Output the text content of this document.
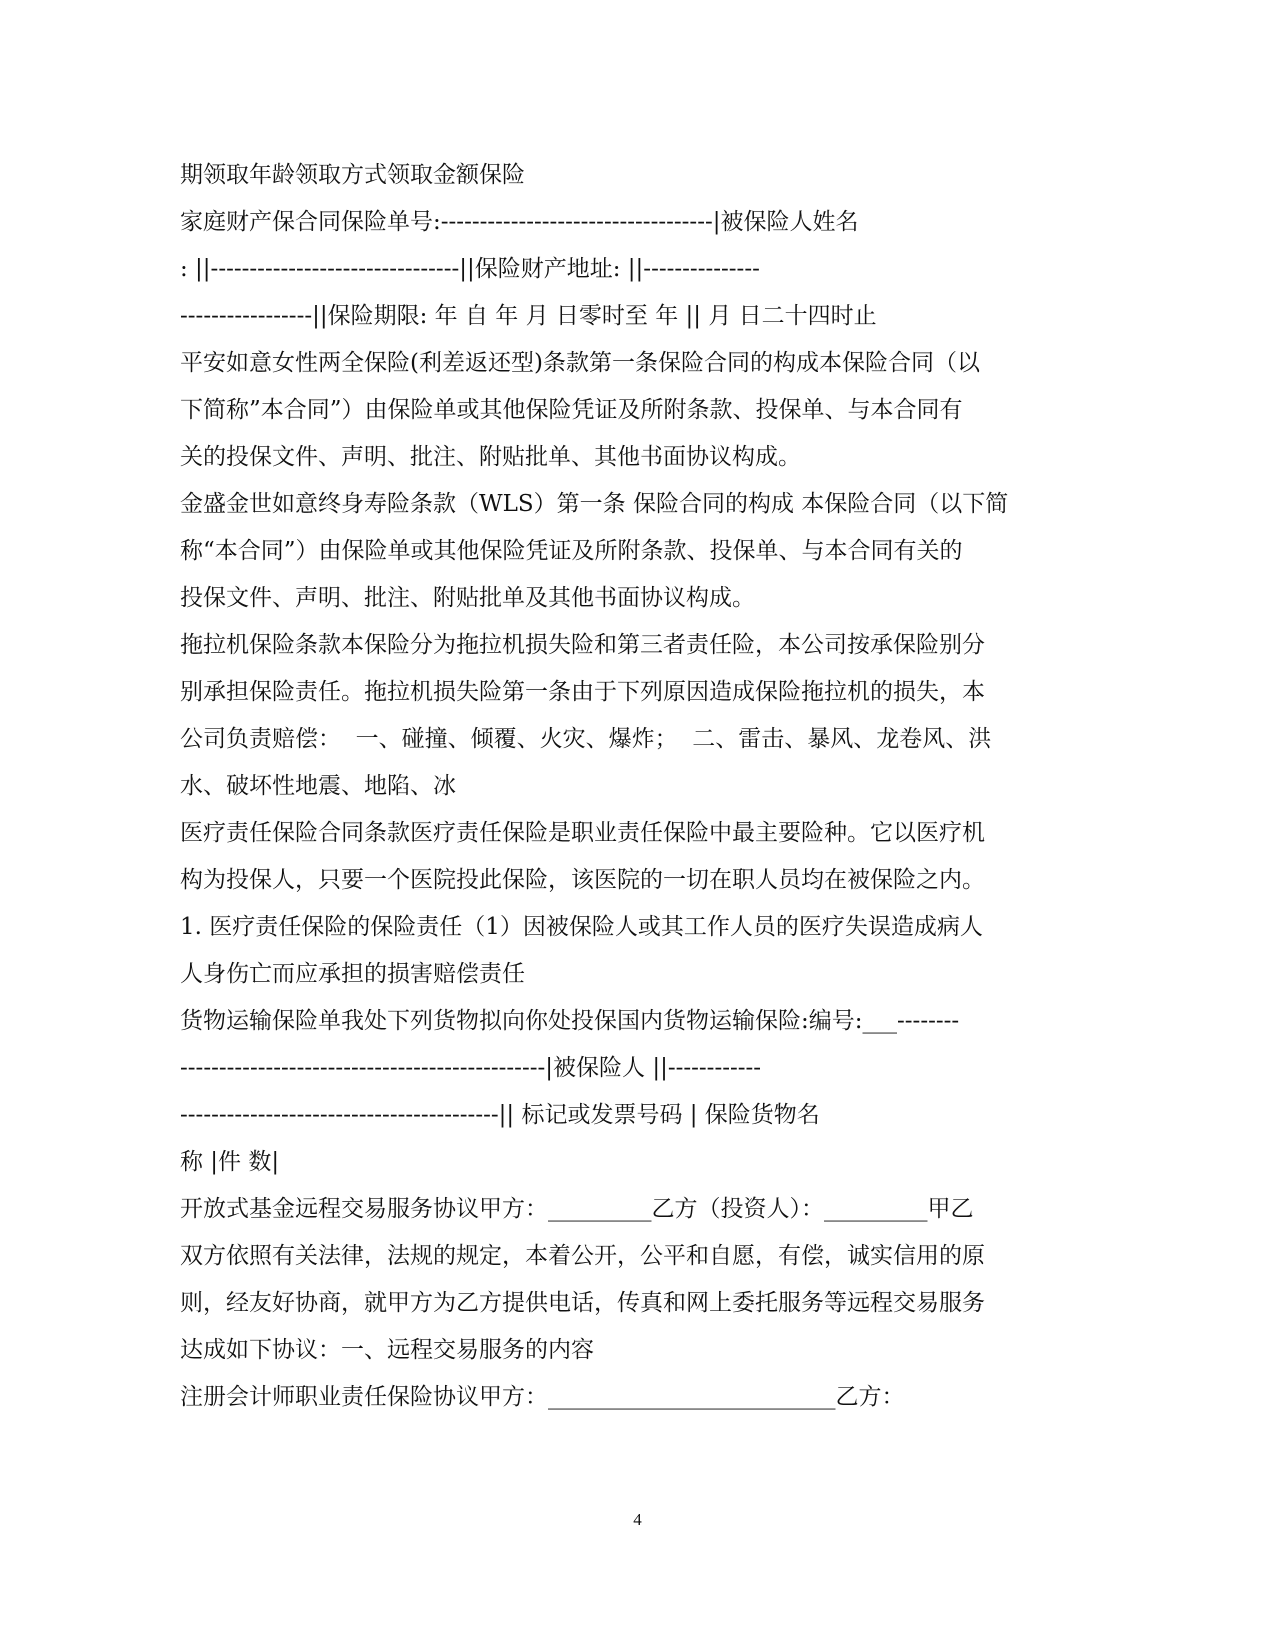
期领取年龄领取方式领取金额保险
家庭财产保合同保险单号:-----------------------------------|被保险人姓名
: ||--------------------------------||保险财产地址: ||---------------
-----------------||保险期限: 年 自 年 月 日零时至 年 || 月 日二十四时止
平安如意女性两全保险(利差返还型)条款第一条保险合同的构成本保险合同（以
下简称”本合同”）由保险单或其他保险凭证及所附条款、投保单、与本合同有
关的投保文件、声明、批注、附贴批单、其他书面协议构成。
金盛金世如意终身寿险条款（WLS）第一条 保险合同的构成 本保险合同（以下简
称“本合同”）由保险单或其他保险凭证及所附条款、投保单、与本合同有关的
投保文件、声明、批注、附贴批单及其他书面协议构成。
拖拉机保险条款本保险分为拖拉机损失险和第三者责任险，本公司按承保险别分
别承担保险责任。拖拉机损失险第一条由于下列原因造成保险拖拉机的损失，本
公司负责赔偿：  一、碰撞、倾覆、火灾、爆炸；  二、雷击、暴风、龙卷风、洪
水、破坏性地震、地陷、冰
医疗责任保险合同条款医疗责任保险是职业责任保险中最主要险种。它以医疗机
构为投保人，只要一个医院投此保险，该医院的一切在职人员均在被保险之内。
1. 医疗责任保险的保险责任（1）因被保险人或其工作人员的医疗失误造成病人
人身伤亡而应承担的损害赔偿责任
货物运输保险单我处下列货物拟向你处投保国内货物运输保险:编号:___--------
-----------------------------------------------|被保险人 ||------------
-----------------------------------------|| 标记或发票号码 | 保险货物名
称 |件 数|
开放式基金远程交易服务协议甲方：_________乙方（投资人）：_________甲乙
双方依照有关法律，法规的规定，本着公开，公平和自愿，有偿，诚实信用的原
则，经友好协商，就甲方为乙方提供电话，传真和网上委托服务等远程交易服务
达成如下协议：一、远程交易服务的内容
注册会计师职业责任保险协议甲方：_________________________乙方：
4
